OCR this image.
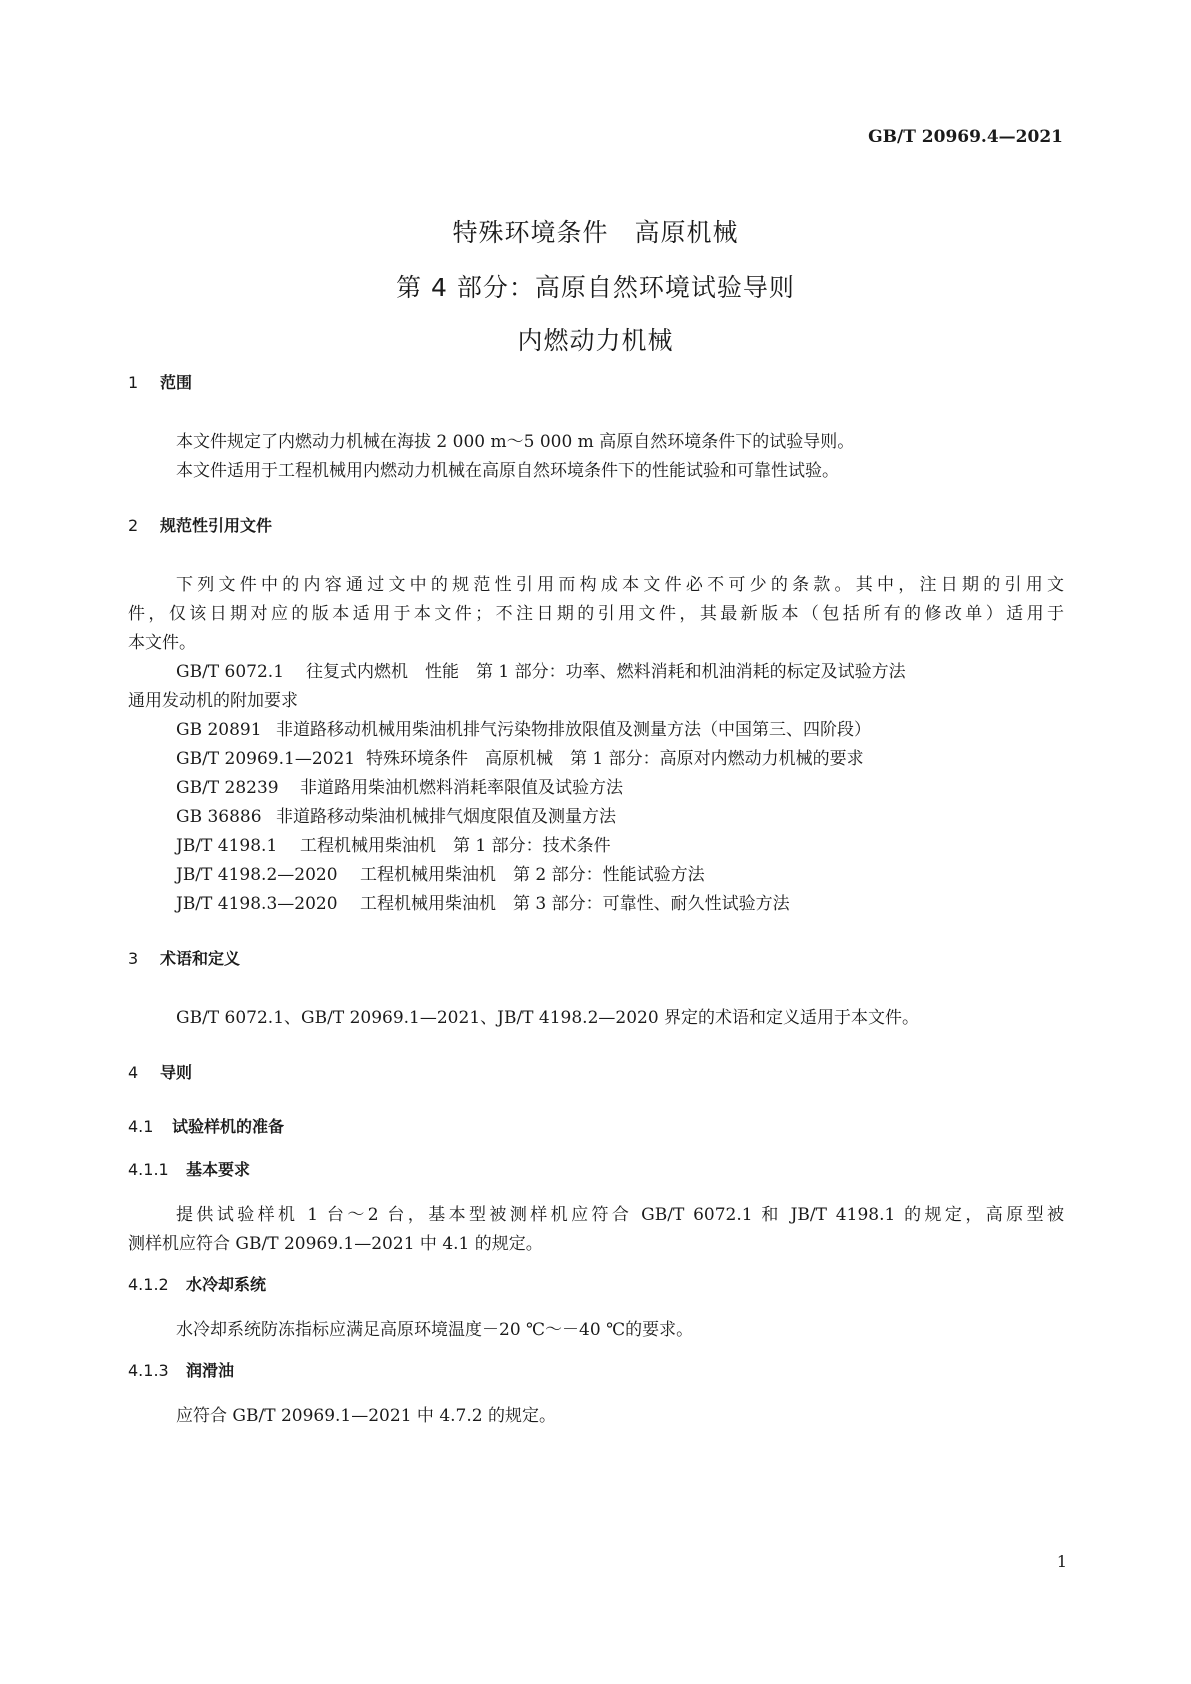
GB/T 20969.4—2021
特殊环境条件　高原机械
第 4 部分：高原自然环境试验导则
内燃动力机械
1 范围
本文件规定了内燃动力机械在海拔 2 000 m～5 000 m 高原自然环境条件下的试验导则。
本文件适用于工程机械用内燃动力机械在高原自然环境条件下的性能试验和可靠性试验。
2 规范性引用文件
下列文件中的内容通过文中的规范性引用而构成本文件必不可少的条款。其中，注日期的引用文
件，仅该日期对应的版本适用于本文件；不注日期的引用文件，其最新版本（包括所有的修改单）适用于
本文件。
GB/T 6072.1 往复式内燃机　性能　第 1 部分：功率、燃料消耗和机油消耗的标定及试验方法
通用发动机的附加要求
GB 20891 非道路移动机械用柴油机排气污染物排放限值及测量方法（中国第三、四阶段）
GB/T 20969.1—2021 特殊环境条件　高原机械　第 1 部分：高原对内燃动力机械的要求
GB/T 28239 非道路用柴油机燃料消耗率限值及试验方法
GB 36886 非道路移动柴油机械排气烟度限值及测量方法
JB/T 4198.1 工程机械用柴油机　第 1 部分：技术条件
JB/T 4198.2—2020 工程机械用柴油机　第 2 部分：性能试验方法
JB/T 4198.3—2020 工程机械用柴油机　第 3 部分：可靠性、耐久性试验方法
3 术语和定义
GB/T 6072.1、GB/T 20969.1—2021、JB/T 4198.2—2020 界定的术语和定义适用于本文件。
4 导则
4.1 试验样机的准备
4.1.1 基本要求
提供试验样机 1 台～2 台，基本型被测样机应符合 GB/T 6072.1 和 JB/T 4198.1 的规定，高原型被
测样机应符合 GB/T 20969.1—2021 中 4.1 的规定。
4.1.2 水冷却系统
水冷却系统防冻指标应满足高原环境温度－20 ℃～－40 ℃的要求。
4.1.3 润滑油
应符合 GB/T 20969.1—2021 中 4.7.2 的规定。
1
